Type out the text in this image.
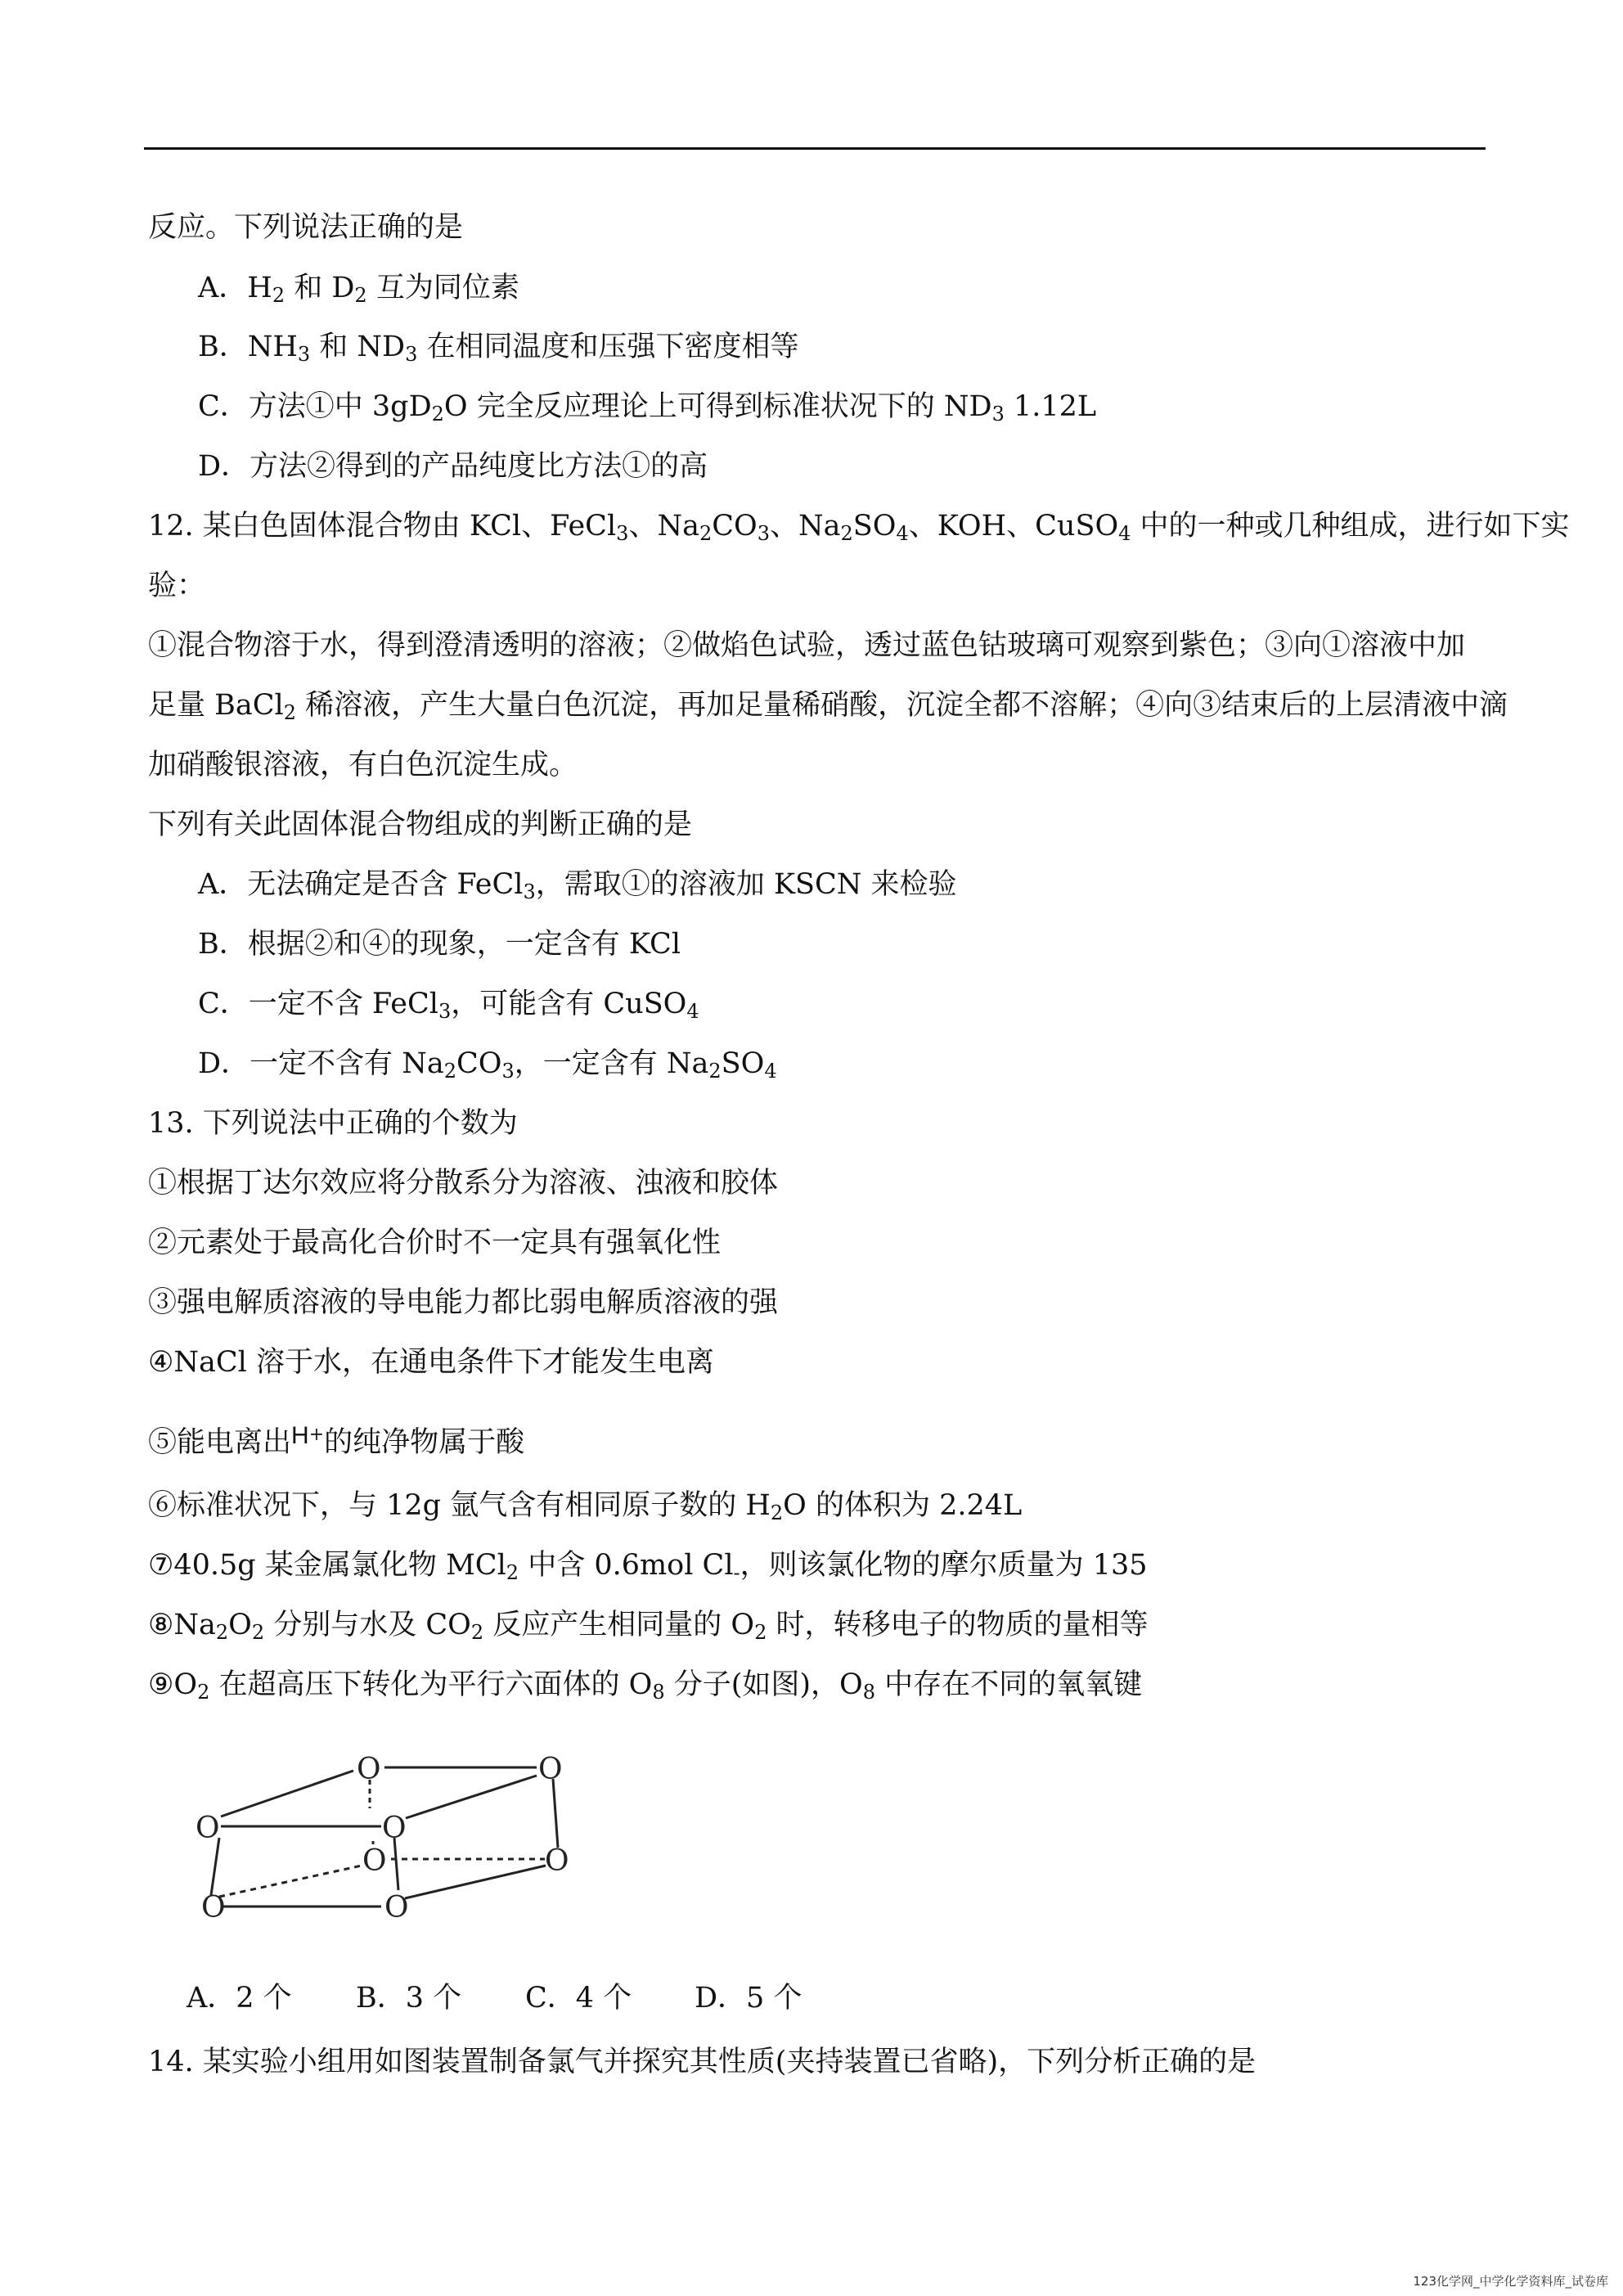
反应。下列说法正确的是
A．$H_2$ 和 $D_2$ 互为同位素
B．$NH_3$ 和 $ND_3$ 在相同温度和压强下密度相等
C．方法①中 $3gD_2O$ 完全反应理论上可得到标准状况下的 $ND_3$ 1.12L
D．方法②得到的产品纯度比方法①的高
12. 某白色固体混合物由 KCl、FeCl$_3$、$Na_2CO_3$、$Na_2SO_4$、KOH、CuSO$_4$ 中的一种或几种组成，进行如下实
验：
①混合物溶于水，得到澄清透明的溶液；②做焰色试验，透过蓝色钴玻璃可观察到紫色；③向①溶液中加
足量 BaCl$_2$ 稀溶液，产生大量白色沉淀，再加足量稀硝酸，沉淀全都不溶解；④向③结束后的上层清液中滴
加硝酸银溶液，有白色沉淀生成。
下列有关此固体混合物组成的判断正确的是
A．无法确定是否含 FeCl$_3$，需取①的溶液加 KSCN 来检验
B．根据②和④的现象，一定含有 KCl
C．一定不含 FeCl$_3$，可能含有 CuSO$_4$
D．一定不含有 $Na_2CO_3$，一定含有 $Na_2SO_4$
13. 下列说法中正确的个数为
①根据丁达尔效应将分散系分为溶液、浊液和胶体
②元素处于最高化合价时不一定具有强氧化性
③强电解质溶液的导电能力都比弱电解质溶液的强
④NaCl 溶于水，在通电条件下才能发生电离
⑤能电离出H+的纯净物属于酸
⑥标准状况下，与 12g 氩气含有相同原子数的 $H_2O$ 的体积为 2.24L
⑦40.5g 某金属氯化物 MCl$_2$ 中含 0.6mol $Cl_-$，则该氯化物的摩尔质量为 135
$⑧Na_2O_2$ 分别与水及 $CO_2$ 反应产生相同量的 $O_2$ 时，转移电子的物质的量相等
$⑨O_2$ 在超高压下转化为平行六面体的 $O_8$ 分子(如图)，$O_8$ 中存在不同的氧氧键
O	O
O	O
O	O
O	O
A．2 个 B．3 个 C．4 个 D．5 个
14. 某实验小组用如图装置制备氯气并探究其性质(夹持装置已省略)，下列分析正确的是
123化学网_中学化学资料库_试卷库
